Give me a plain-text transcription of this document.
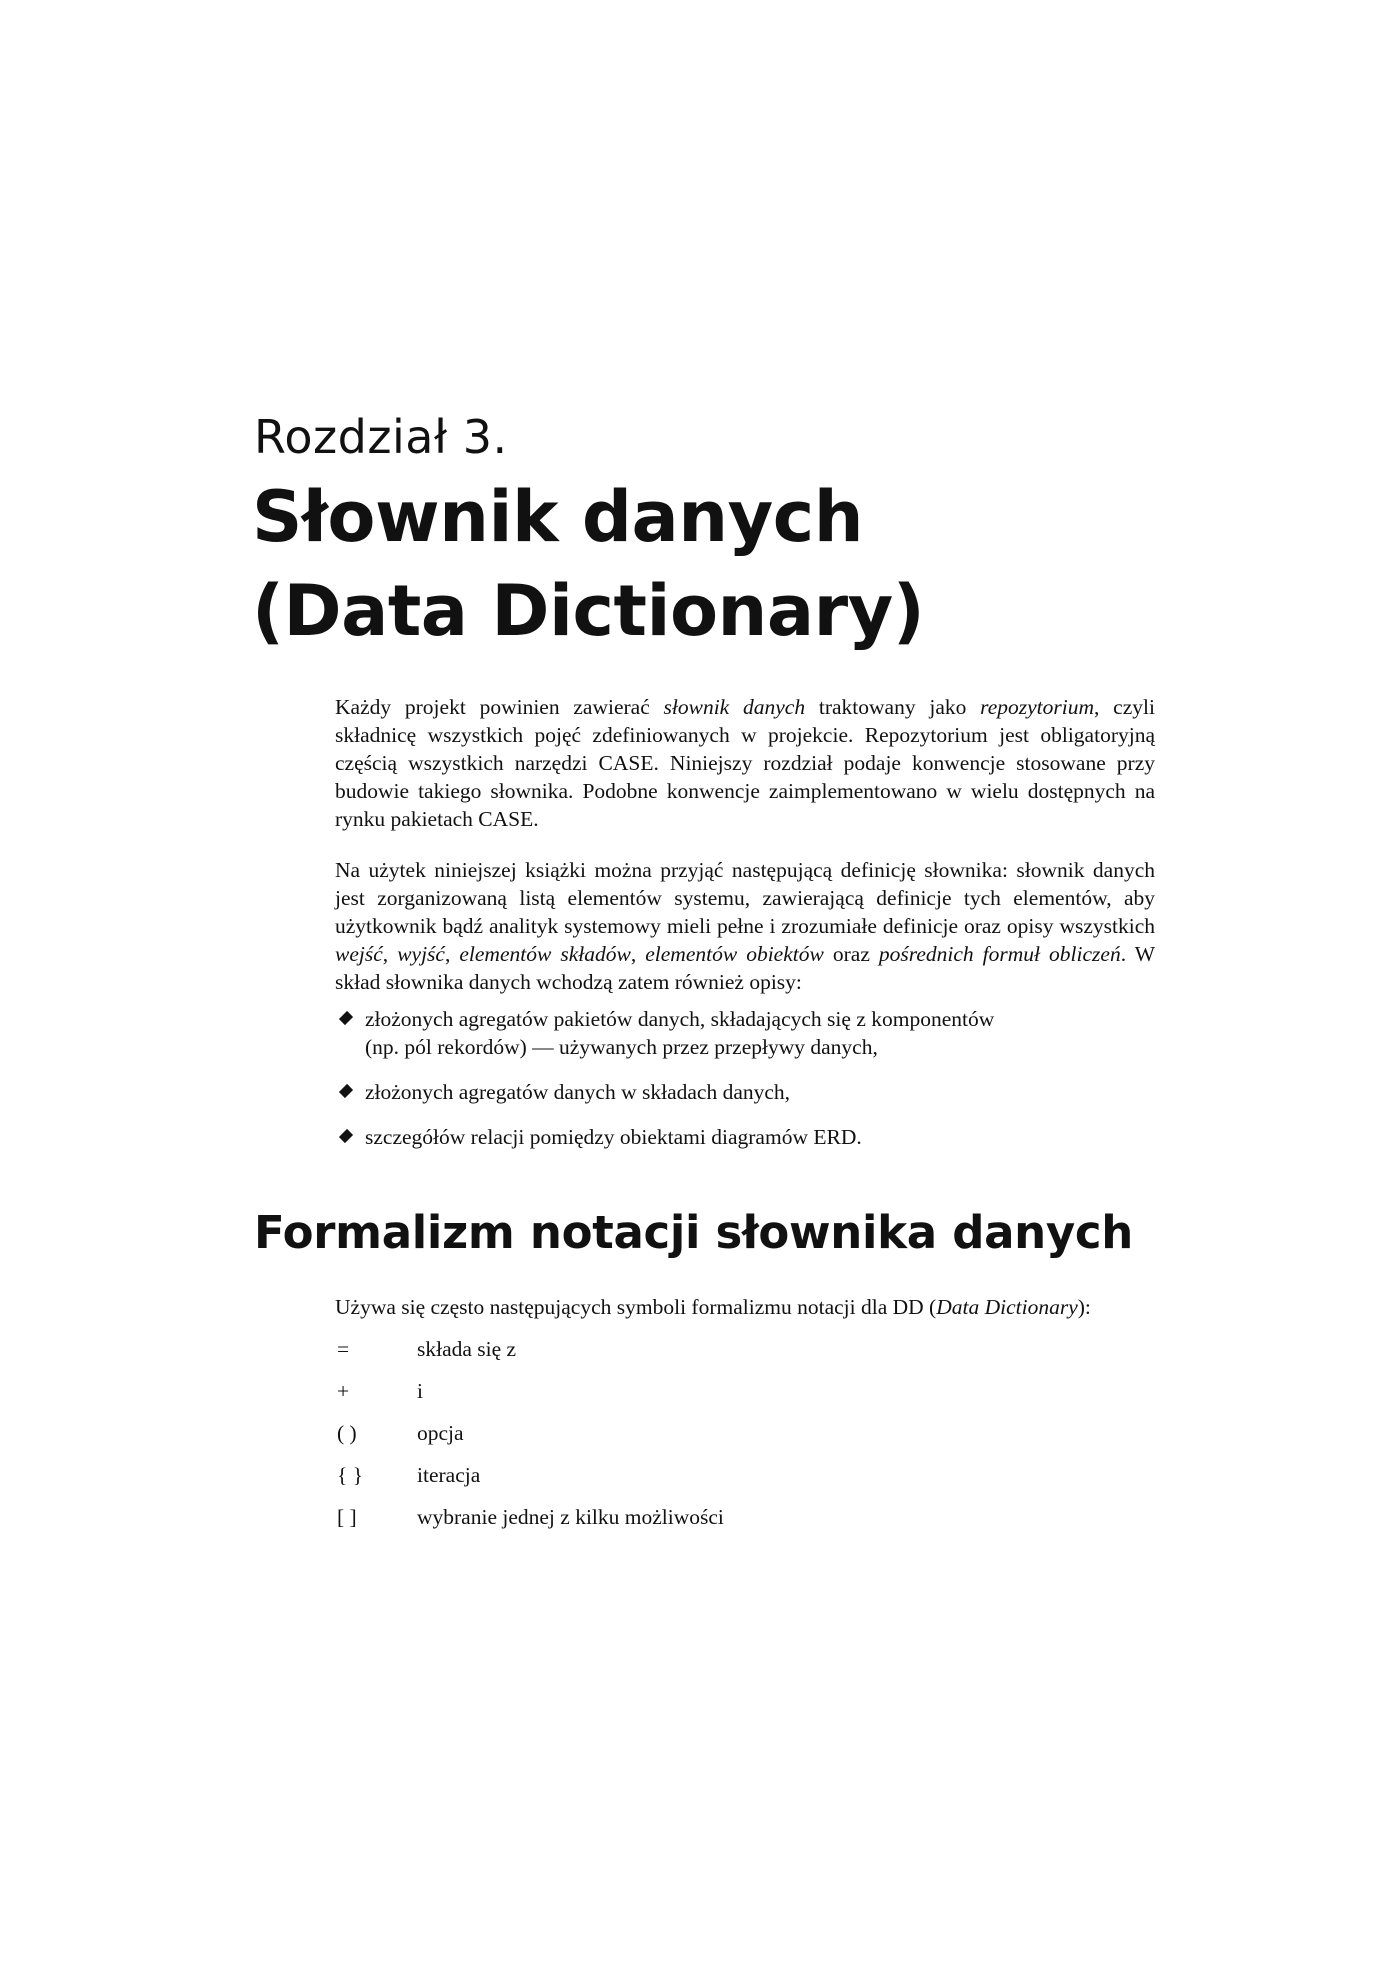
Rozdział 3.
Słownik danych
(Data Dictionary)

Każdy projekt powinien zawierać słownik danych traktowany jako repozytorium, czyli składnicę wszystkich pojęć zdefiniowanych w projekcie. Repozytorium jest obligatoryjną częścią wszystkich narzędzi CASE. Niniejszy rozdział podaje konwencje stosowane przy budowie takiego słownika. Podobne konwencje zaimplementowano w wielu dostępnych na rynku pakietach CASE.

Na użytek niniejszej książki można przyjąć następującą definicję słownika: słownik danych jest zorganizowaną listą elementów systemu, zawierającą definicje tych elementów, aby użytkownik bądź analityk systemowy mieli pełne i zrozumiałe definicje oraz opisy wszystkich wejść, wyjść, elementów składów, elementów obiektów oraz pośrednich formuł obliczeń. W skład słownika danych wchodzą zatem również opisy:

złożonych agregatów pakietów danych, składających się z komponentów
(np. pól rekordów) — używanych przez przepływy danych,
złożonych agregatów danych w składach danych,
szczegółów relacji pomiędzy obiektami diagramów ERD.
Formalizm notacji słownika danych

Używa się często następujących symboli formalizmu notacji dla DD (Data Dictionary):

=	składa się z
+	i
( )	opcja
{ }	iteracja
[ ]	wybranie jednej z kilku możliwości
